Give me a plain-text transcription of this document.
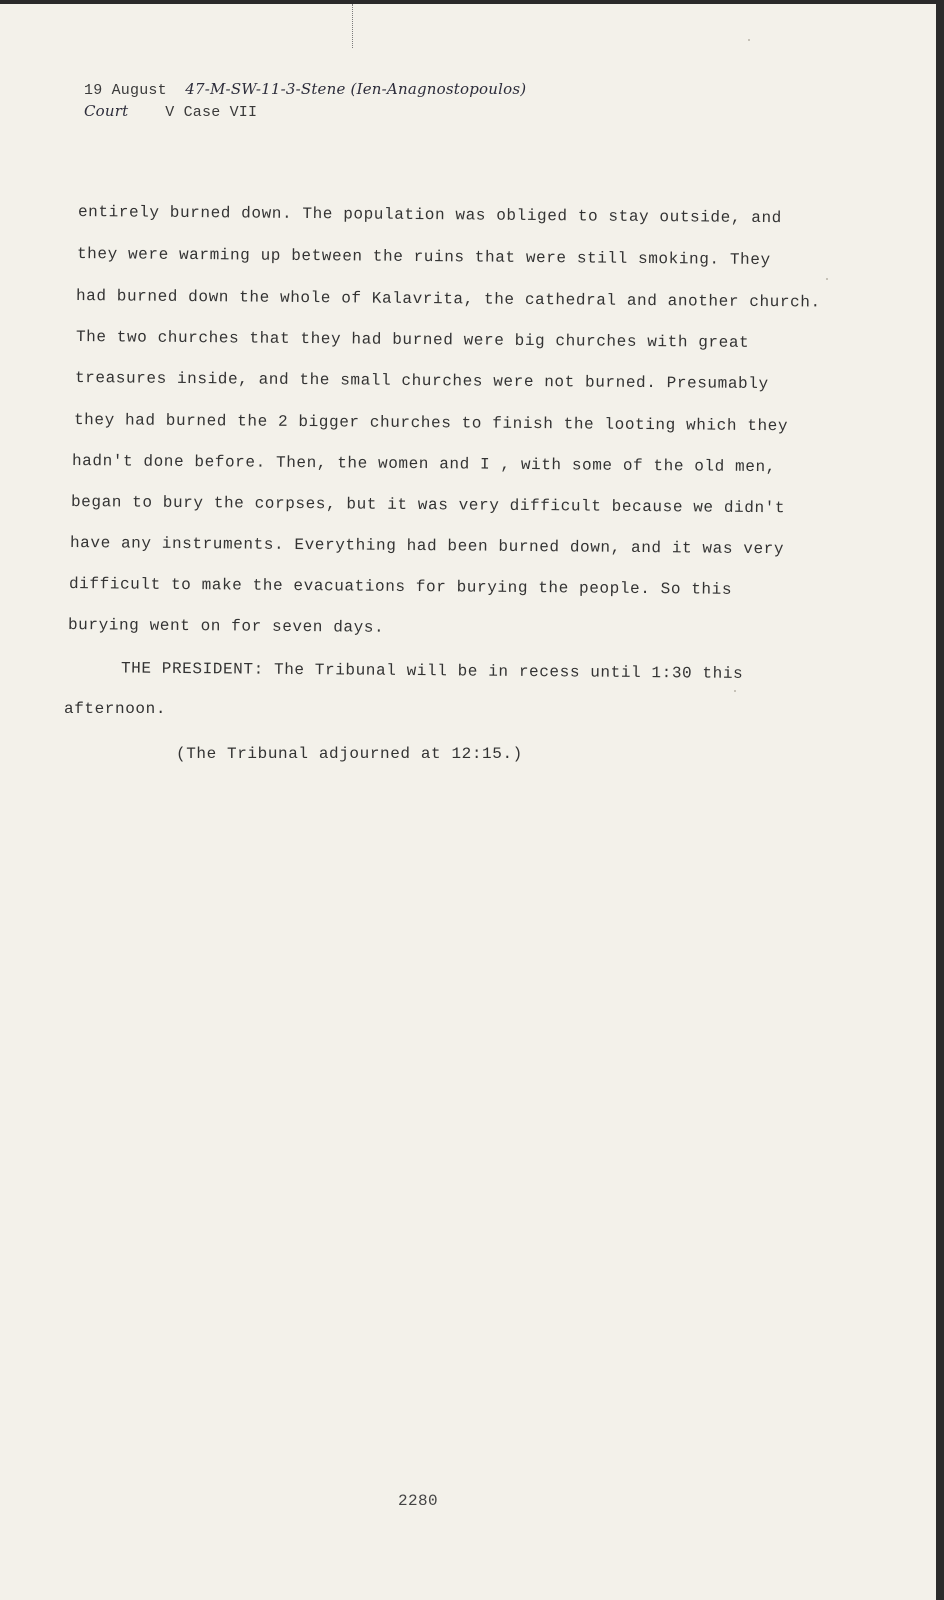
19 August 47-M-SW-11-3-Stene (Ien-Anagnostopoulos)
Court V Case VII
entirely burned down. The population was obliged to stay outside, and
they were warming up between the ruins that were still smoking. They
had burned down the whole of Kalavrita, the cathedral and another church.
The two churches that they had burned were big churches with great
treasures inside, and the small churches were not burned. Presumably
they had burned the 2 bigger churches to finish the looting which they
hadn't done before. Then, the women and I , with some of the old men,
began to bury the corpses, but it was very difficult because we didn't
have any instruments. Everything had been burned down, and it was very
difficult to make the evacuations for burying the people. So this
burying went on for seven days.
THE PRESIDENT: The Tribunal will be in recess until 1:30 this
afternoon.
(The Tribunal adjourned at 12:15.)
2280
